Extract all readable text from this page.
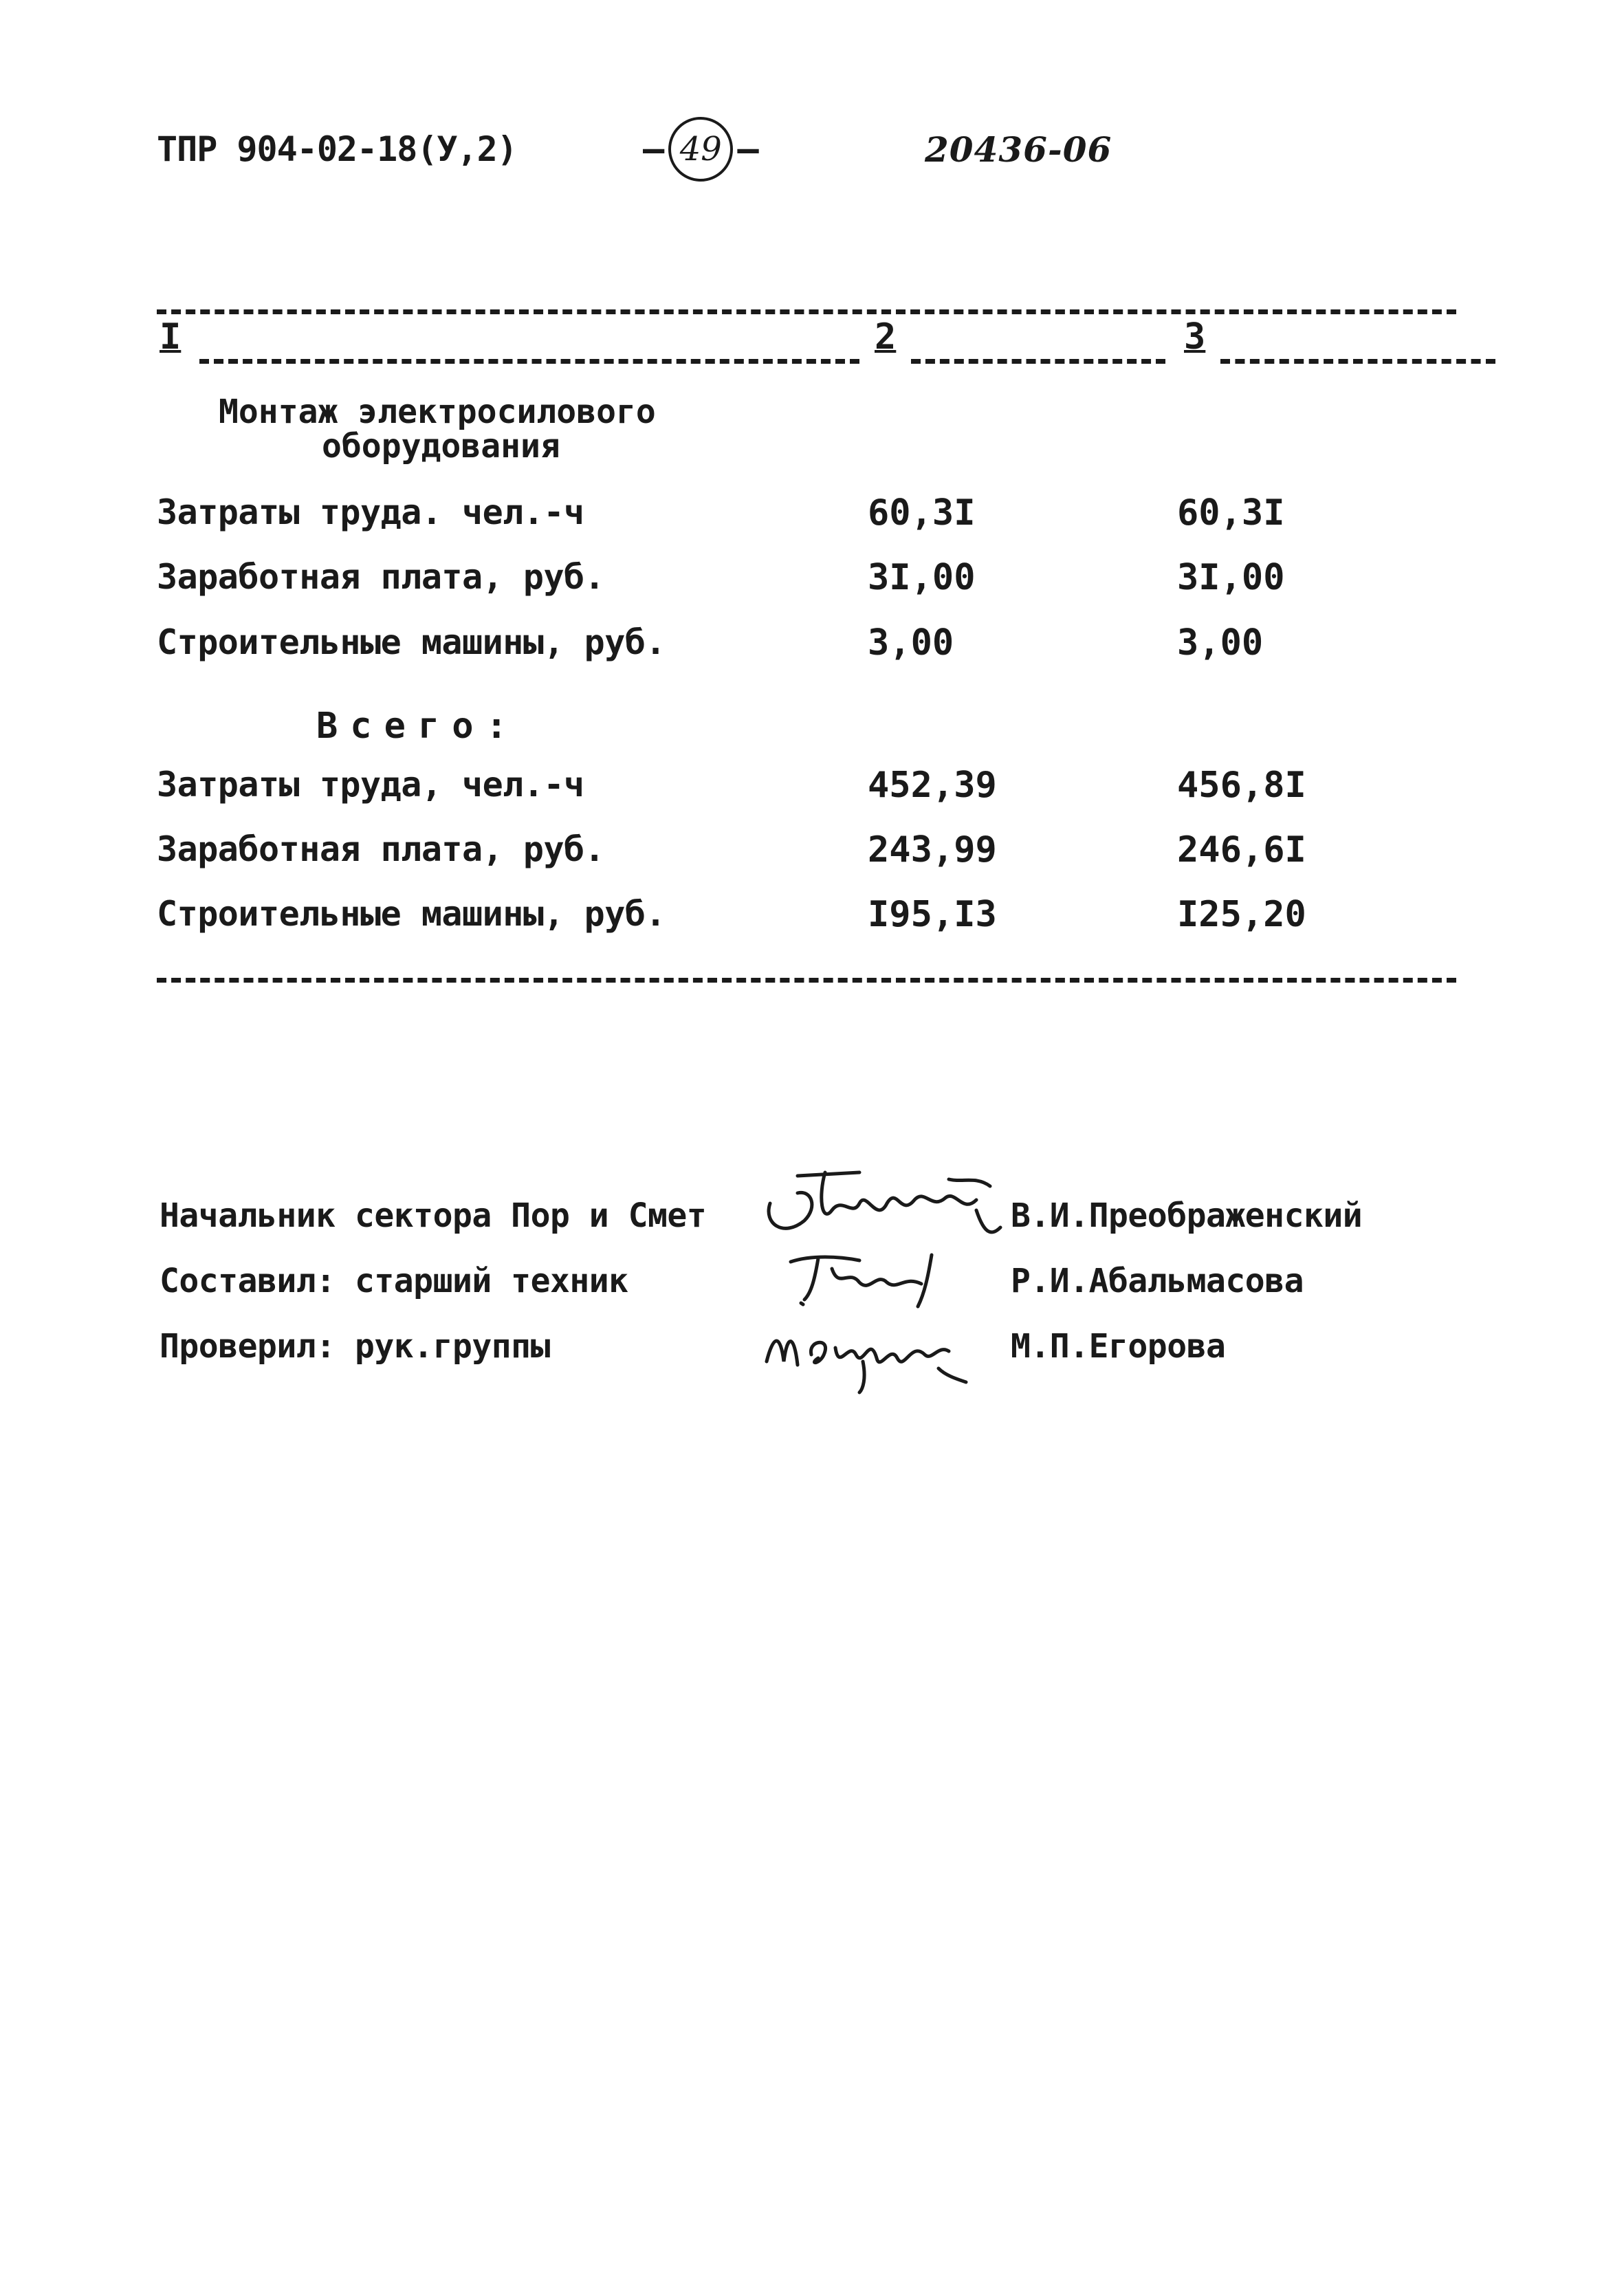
ТПР 904-02-18(У,2)	– 49 –	20436-06
I	2	3
Монтаж электросилового
оборудования
Затраты труда. чел.-ч	60,3I	60,3I
Заработная плата, руб.	3I,00	3I,00
Строительные машины, руб.	3,00	3,00
Всего:
Затраты труда, чел.-ч	452,39	456,8I
Заработная плата, руб.	243,99	246,6I
Строительные машины, руб.	I95,I3	I25,20
Начальник сектора Пор и Смет	В.И.Преображенский
Составил: старший техник	Р.И.Абальмасова
Проверил: рук.группы	М.П.Егорова
